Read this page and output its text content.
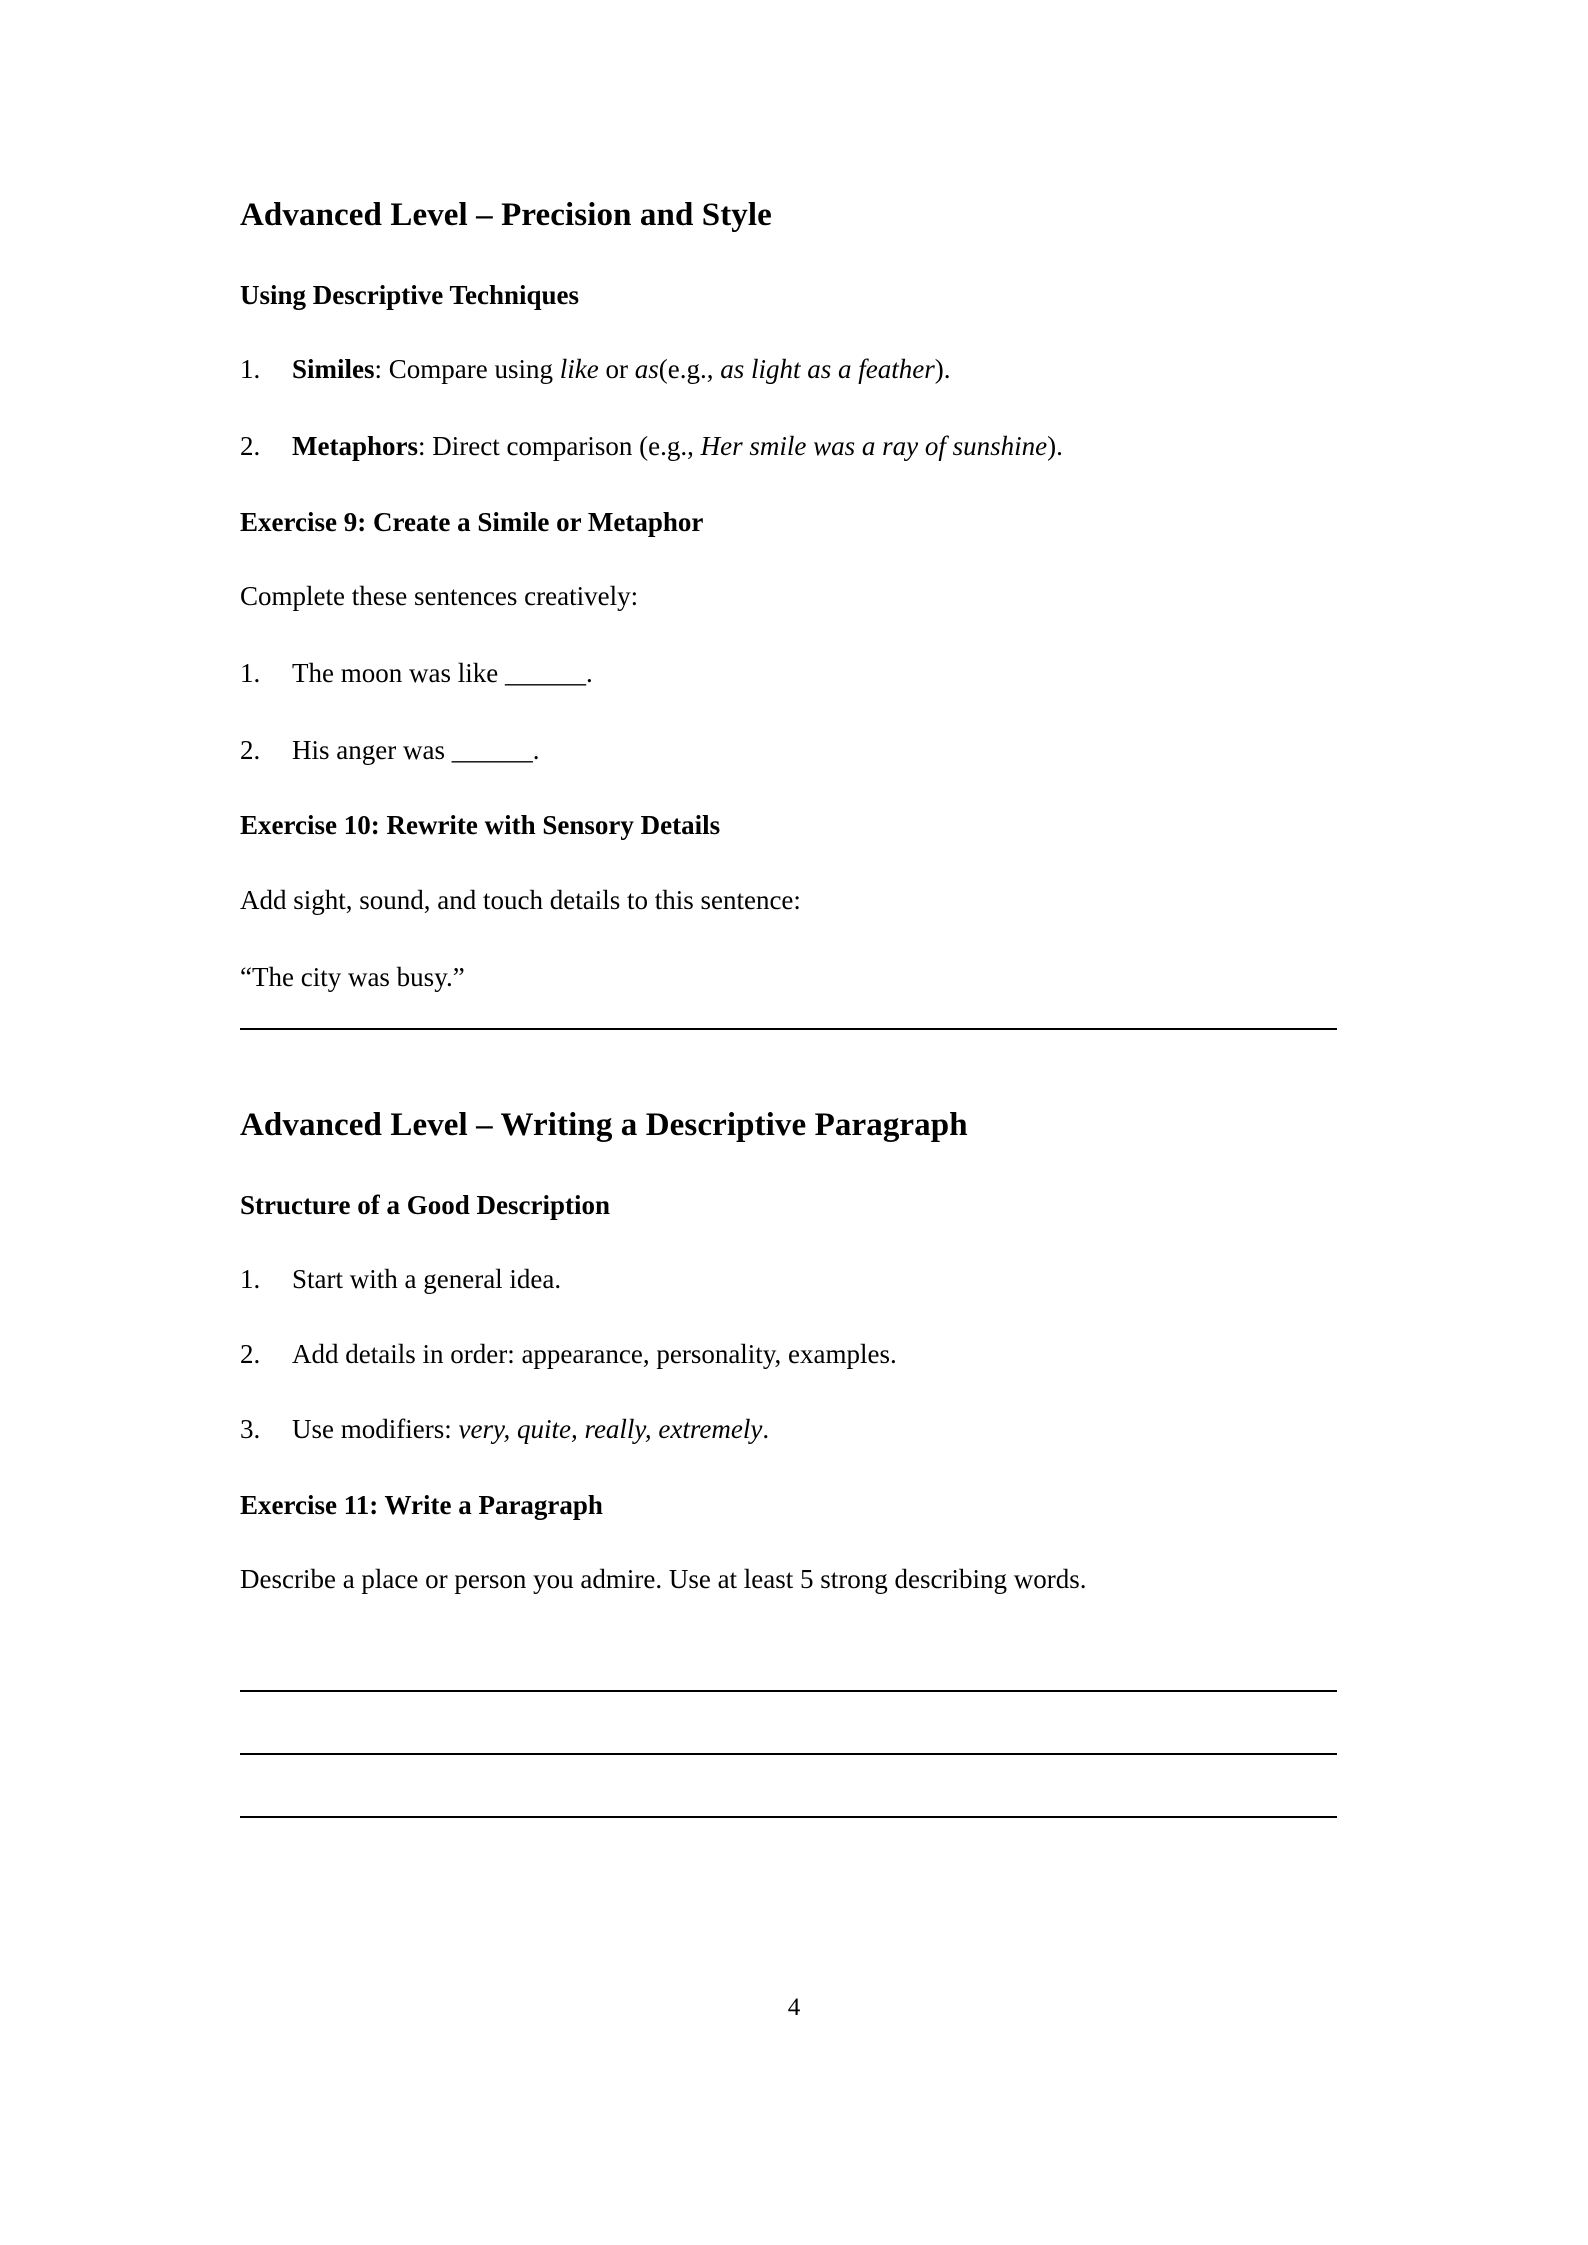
Advanced Level – Precision and Style
Using Descriptive Techniques
Similes: Compare using like or as(e.g., as light as a feather).
Metaphors: Direct comparison (e.g., Her smile was a ray of sunshine).
Exercise 9: Create a Simile or Metaphor

Complete these sentences creatively:

The moon was like ______.
His anger was ______.
Exercise 10: Rewrite with Sensory Details

Add sight, sound, and touch details to this sentence:

“The city was busy.”

Advanced Level – Writing a Descriptive Paragraph
Structure of a Good Description
Start with a general idea.
Add details in order: appearance, personality, examples.
Use modifiers: very, quite, really, extremely.
Exercise 11: Write a Paragraph

Describe a place or person you admire. Use at least 5 strong describing words.

4
